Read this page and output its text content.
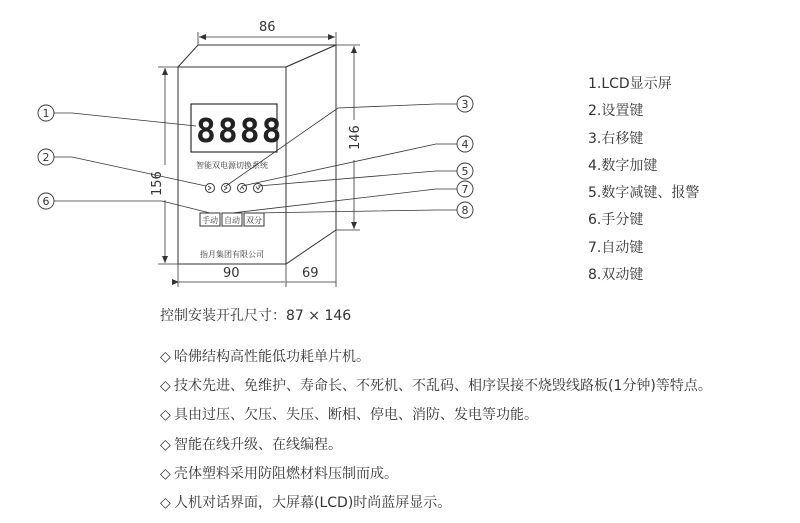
8888
智能双电源切换系统
手动 自动 双分
指月集团有限公司
86
146
156
90	69
1
2
6
3
4
5
7
8
1.LCD显示屏
2.设置键
3.右移键
4.数字加键
5.数字减键、报警
6.手分键
7.自动键
8.双动键
控制安装开孔尺寸：87 × 146
◇ 哈佛结构高性能低功耗单片机。
◇ 技术先进、免维护、寿命长、不死机、不乱码、相序误接不烧毁线路板(1分钟)等特点。
◇ 具由过压、欠压、失压、断相、停电、消防、发电等功能。
◇ 智能在线升级、在线编程。
◇ 壳体塑料采用防阻燃材料压制而成。
◇ 人机对话界面，大屏幕(LCD)时尚蓝屏显示。
